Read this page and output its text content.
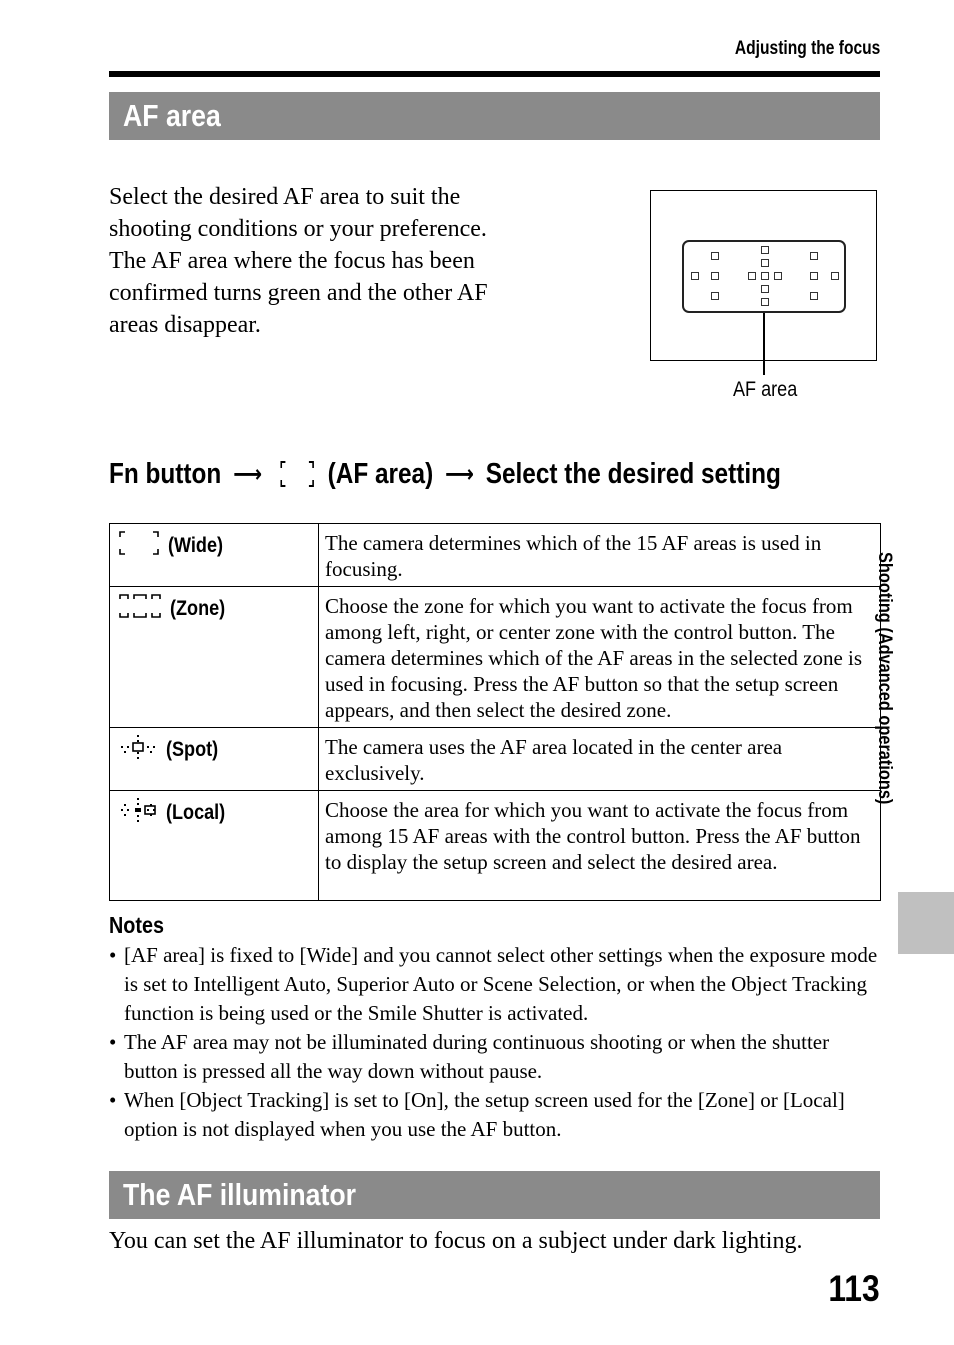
Adjusting the focus
AF area
Select the desired AF area to suit the shooting conditions or your preference. The AF area where the focus has been confirmed turns green and the other AF areas disappear.
AF area
Fn button ⟶ (AF area) ⟶ Select the desired setting
(Wide)	The camera determines which of the 15 AF areas is used in focusing.
(Zone)	Choose the zone for which you want to activate the focus from among left, right, or center zone with the control button. The camera determines which of the AF areas in the selected zone is used in focusing. Press the AF button so that the setup screen appears, and then select the desired zone.
(Spot)	The camera uses the AF area located in the center area exclusively.
(Local)	Choose the area for which you want to activate the focus from among 15 AF areas with the control button. Press the AF button to display the setup screen and select the desired area.
Notes
• [AF area] is fixed to [Wide] and you cannot select other settings when the exposure mode is set to Intelligent Auto, Superior Auto or Scene Selection, or when the Object Tracking function is being used or the Smile Shutter is activated.
• The AF area may not be illuminated during continuous shooting or when the shutter button is pressed all the way down without pause.
• When [Object Tracking] is set to [On], the setup screen used for the [Zone] or [Local] option is not displayed when you use the AF button.
The AF illuminator
You can set the AF illuminator to focus on a subject under dark lighting.
Shooting (Advanced operations)
113
